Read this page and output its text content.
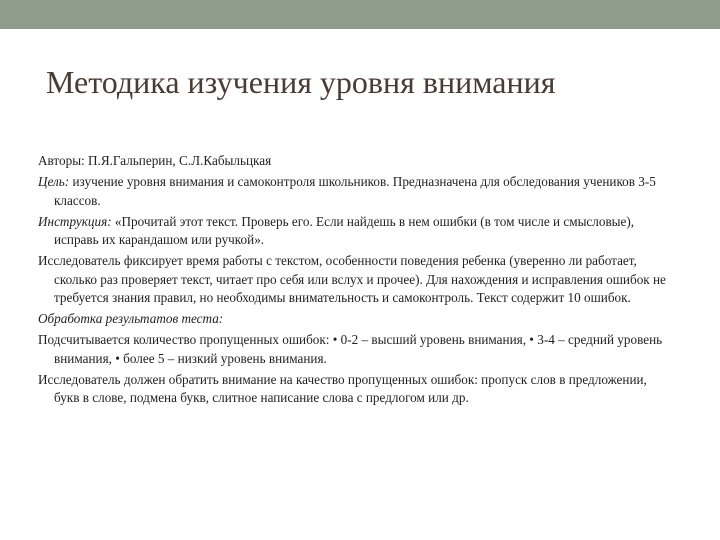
Методика изучения уровня внимания

Авторы: П.Я.Гальперин, С.Л.Кабыльцкая

Цель: изучение уровня внимания и самоконтроля школьников. Предназначена для обследования учеников 3-5 классов.

Инструкция: «Прочитай этот текст. Проверь его. Если найдешь в нем ошибки (в том числе и смысловые), исправь их карандашом или ручкой».

Исследователь фиксирует время работы с текстом, особенности поведения ребенка (уверенно ли работает, сколько раз проверяет текст, читает про себя или вслух и прочее). Для нахождения и исправления ошибок не требуется знания правил, но необходимы внимательность и самоконтроль. Текст содержит 10 ошибок.

Обработка результатов теста:

Подсчитывается количество пропущенных ошибок: • 0-2 – высший уровень внимания, • 3-4 – средний уровень внимания, • более 5 – низкий уровень внимания.

Исследователь должен обратить внимание на качество пропущенных ошибок: пропуск слов в предложении, букв в слове, подмена букв, слитное написание слова с предлогом или др.
